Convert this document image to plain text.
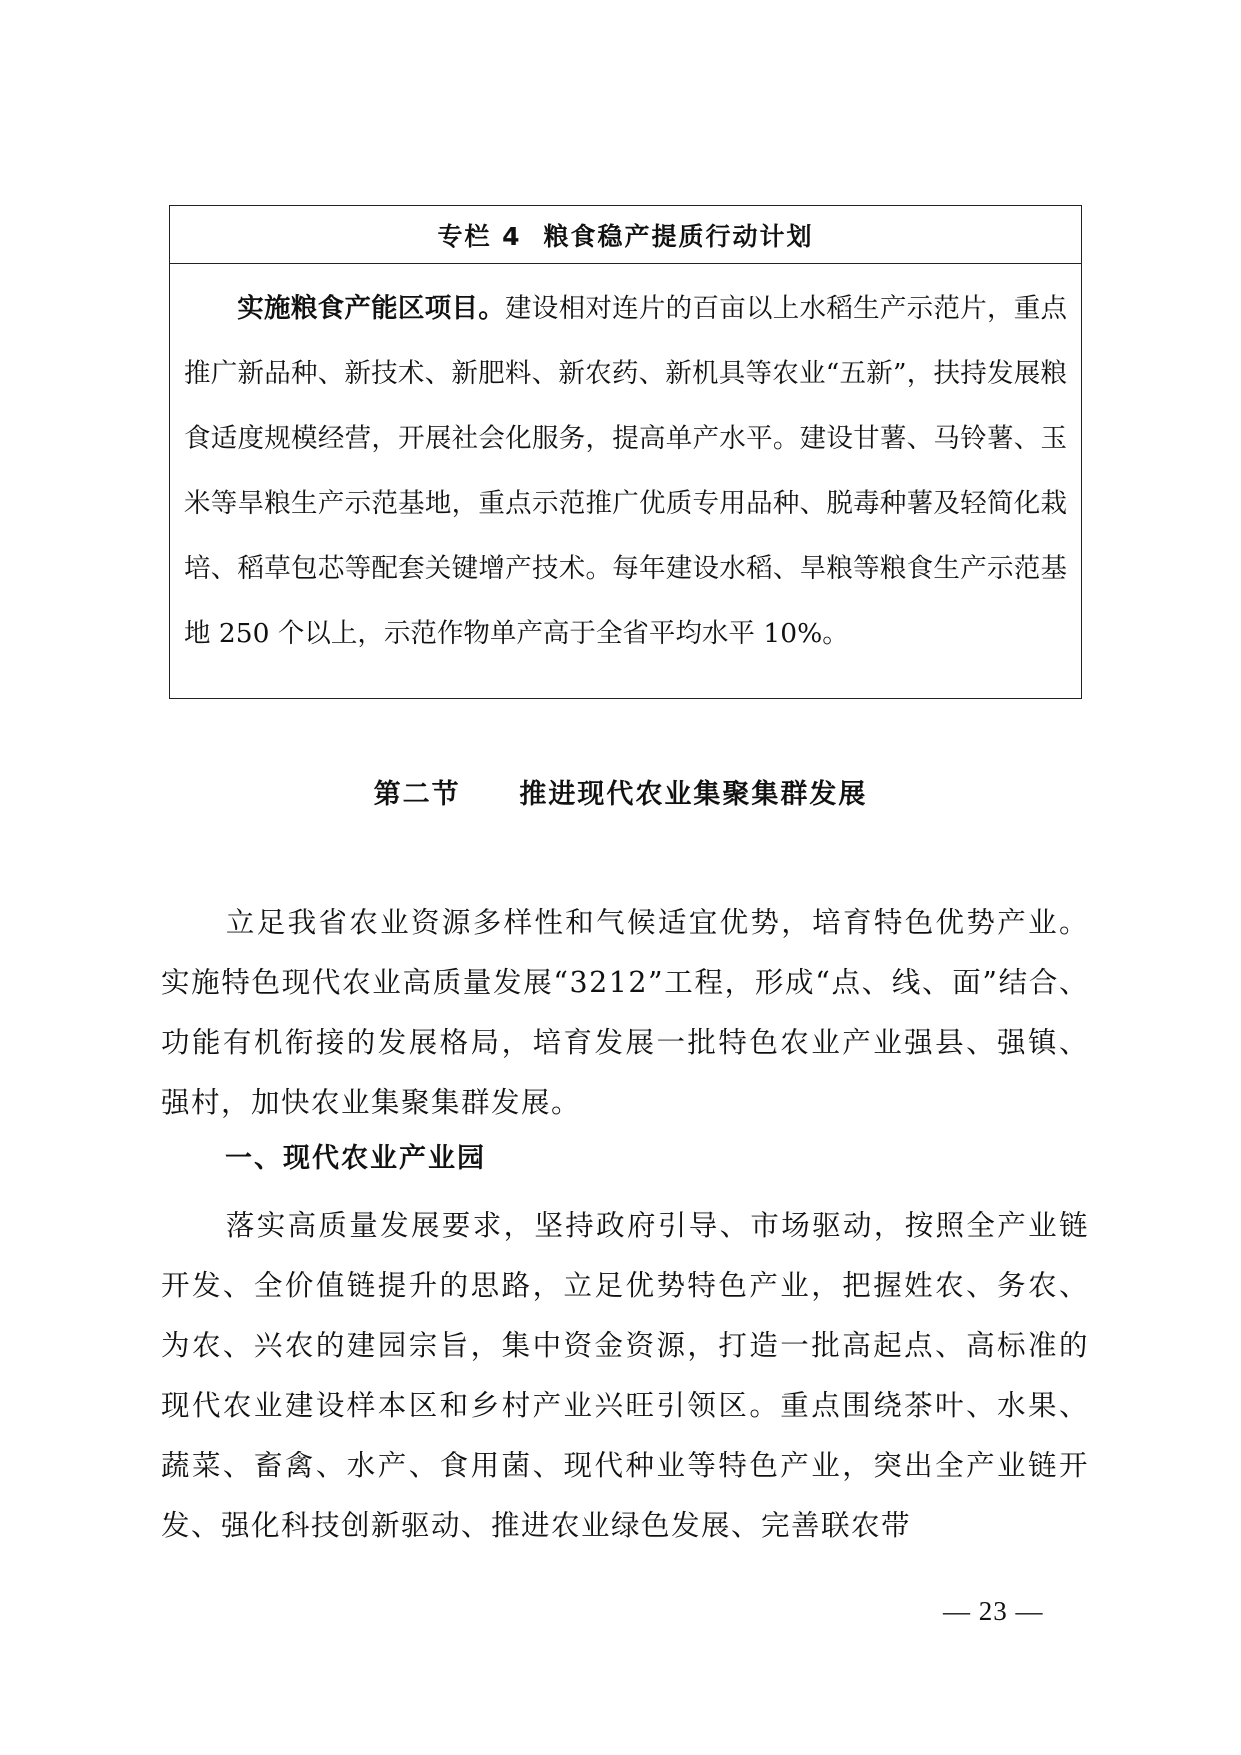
专栏 4 粮食稳产提质行动计划
实施粮食产能区项目。建设相对连片的百亩以上水稻生产示范片，重点推广新品种、新技术、新肥料、新农药、新机具等农业“五新”，扶持发展粮食适度规模经营，开展社会化服务，提高单产水平。建设甘薯、马铃薯、玉米等旱粮生产示范基地，重点示范推广优质专用品种、脱毒种薯及轻简化栽培、稻草包芯等配套关键增产技术。每年建设水稻、旱粮等粮食生产示范基地 250 个以上，示范作物单产高于全省平均水平 10%。
第二节 推进现代农业集聚集群发展
立足我省农业资源多样性和气候适宜优势，培育特色优势产业。实施特色现代农业高质量发展“3212”工程，形成“点、线、面”结合、功能有机衔接的发展格局，培育发展一批特色农业产业强县、强镇、强村，加快农业集聚集群发展。
一、现代农业产业园
落实高质量发展要求，坚持政府引导、市场驱动，按照全产业链开发、全价值链提升的思路，立足优势特色产业，把握姓农、务农、为农、兴农的建园宗旨，集中资金资源，打造一批高起点、高标准的现代农业建设样本区和乡村产业兴旺引领区。重点围绕茶叶、水果、蔬菜、畜禽、水产、食用菌、现代种业等特色产业，突出全产业链开发、强化科技创新驱动、推进农业绿色发展、完善联农带
— 23 —
